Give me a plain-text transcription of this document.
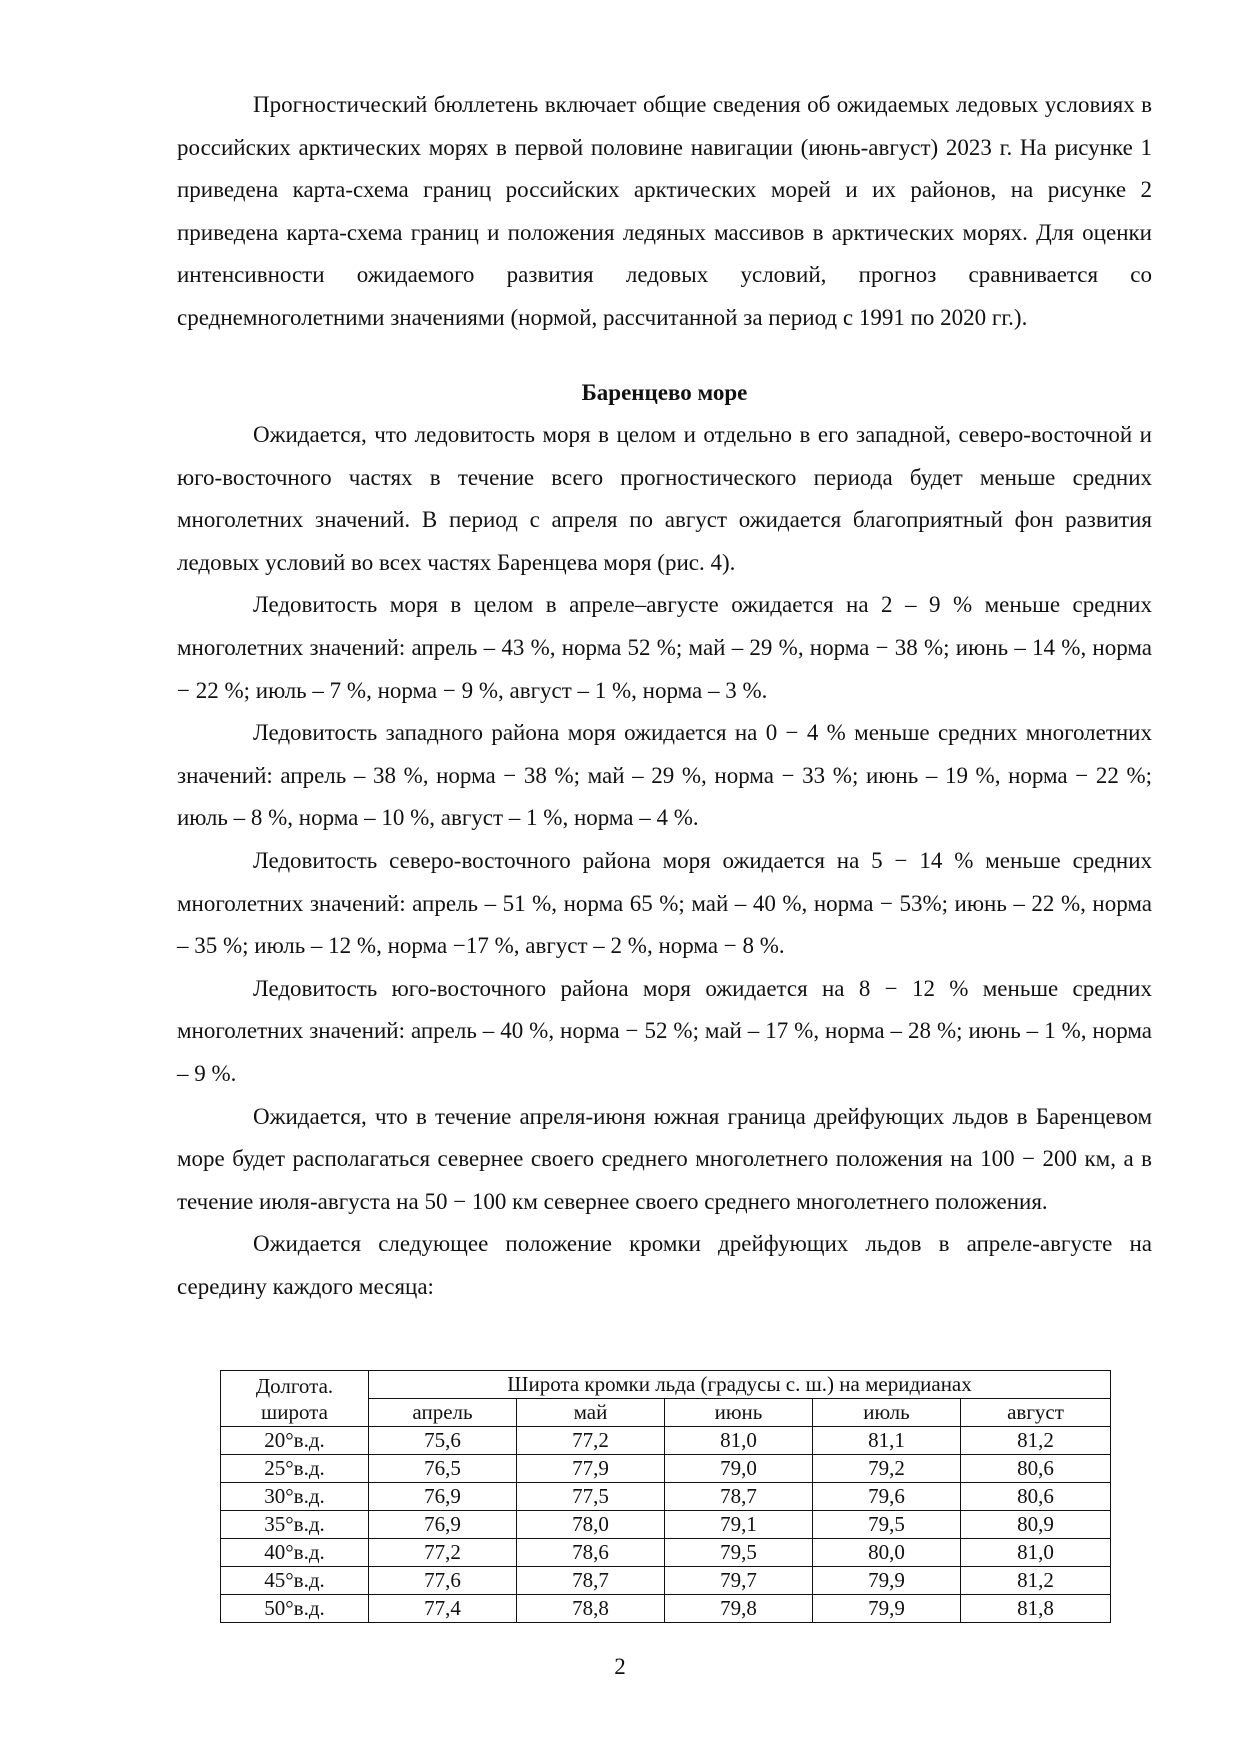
Прогностический бюллетень включает общие сведения об ожидаемых ледовых условиях в российских арктических морях в первой половине навигации (июнь-август) 2023 г. На рисунке 1 приведена карта-схема границ российских арктических морей и их районов, на рисунке 2 приведена карта-схема границ и положения ледяных массивов в арктических морях. Для оценки интенсивности ожидаемого развития ледовых условий, прогноз сравнивается со среднемноголетними значениями (нормой, рассчитанной за период с 1991 по 2020 гг.).

Баренцево море

Ожидается, что ледовитость моря в целом и отдельно в его западной, северо-восточной и юго-восточного частях в течение всего прогностического периода будет меньше средних многолетних значений. В период с апреля по август ожидается благоприятный фон развития ледовых условий во всех частях Баренцева моря (рис. 4).

Ледовитость моря в целом в апреле–августе ожидается на 2 – 9 % меньше средних многолетних значений: апрель – 43 %, норма 52 %; май – 29 %, норма − 38 %; июнь – 14 %, норма − 22 %; июль – 7 %, норма − 9 %, август – 1 %, норма – 3 %.

Ледовитость западного района моря ожидается на 0 − 4 % меньше средних многолетних значений: апрель – 38 %, норма − 38 %; май – 29 %, норма − 33 %; июнь – 19 %, норма − 22 %; июль – 8 %, норма – 10 %, август – 1 %, норма – 4 %.

Ледовитость северо-восточного района моря ожидается на 5 − 14 % меньше средних многолетних значений: апрель – 51 %, норма 65 %; май – 40 %, норма − 53%; июнь – 22 %, норма – 35 %; июль – 12 %, норма −17 %, август – 2 %, норма − 8 %.

Ледовитость юго-восточного района моря ожидается на 8 − 12 % меньше средних многолетних значений: апрель – 40 %, норма − 52 %; май – 17 %, норма – 28 %; июнь – 1 %, норма – 9 %.

Ожидается, что в течение апреля-июня южная граница дрейфующих льдов в Баренцевом море будет располагаться севернее своего среднего многолетнего положения на 100 − 200 км, а в течение июля-августа на 50 − 100 км севернее своего среднего многолетнего положения.

Ожидается следующее положение кромки дрейфующих льдов в апреле-августе на середину каждого месяца:

Долгота.
широта	Широта кромки льда (градусы с. ш.) на меридианах				
	апрель	май	июнь	июль	август
20°в.д.	75,6	77,2	81,0	81,1	81,2
25°в.д.	76,5	77,9	79,0	79,2	80,6
30°в.д.	76,9	77,5	78,7	79,6	80,6
35°в.д.	76,9	78,0	79,1	79,5	80,9
40°в.д.	77,2	78,6	79,5	80,0	81,0
45°в.д.	77,6	78,7	79,7	79,9	81,2
50°в.д.	77,4	78,8	79,8	79,9	81,8
2
